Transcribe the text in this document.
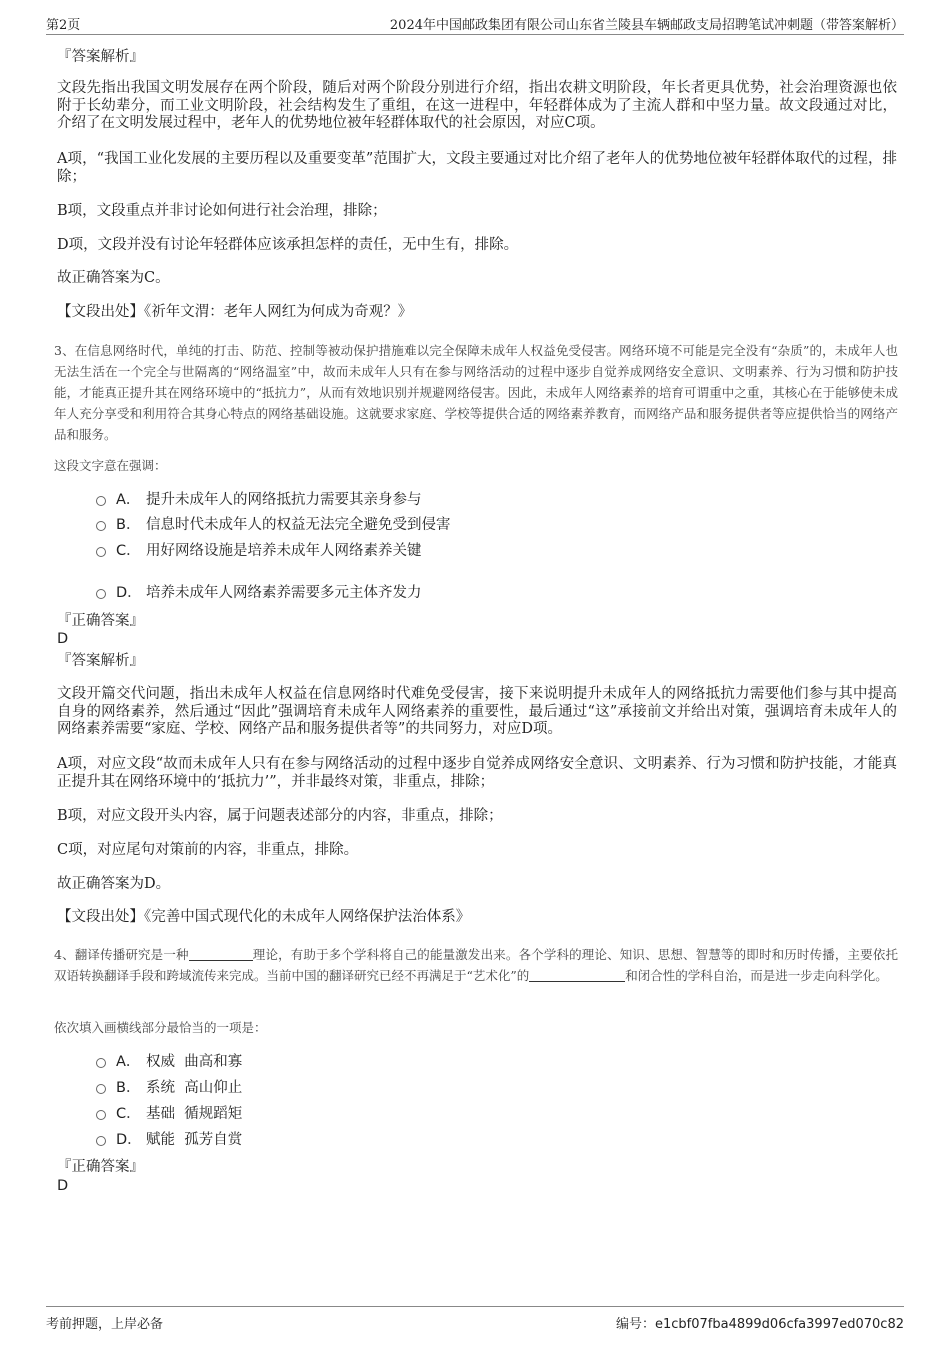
第2页	2024年中国邮政集团有限公司山东省兰陵县车辆邮政支局招聘笔试冲刺题（带答案解析）

『答案解析』

文段先指出我国文明发展存在两个阶段，随后对两个阶段分别进行介绍，指出农耕文明阶段，年长者更具优势，社会治理资源也依附于长幼辈分，而工业文明阶段，社会结构发生了重组，在这一进程中，年轻群体成为了主流人群和中坚力量。故文段通过对比，介绍了在文明发展过程中，老年人的优势地位被年轻群体取代的社会原因，对应C项。

A项，“我国工业化发展的主要历程以及重要变革”范围扩大，文段主要通过对比介绍了老年人的优势地位被年轻群体取代的过程，排除；

B项，文段重点并非讨论如何进行社会治理，排除；

D项，文段并没有讨论年轻群体应该承担怎样的责任，无中生有，排除。

故正确答案为C。

【文段出处】《祈年文渭：老年人网红为何成为奇观？》

3、在信息网络时代，单纯的打击、防范、控制等被动保护措施难以完全保障未成年人权益免受侵害。网络环境不可能是完全没有“杂质”的，未成年人也无法生活在一个完全与世隔离的“网络温室”中，故而未成年人只有在参与网络活动的过程中逐步自觉养成网络安全意识、文明素养、行为习惯和防护技能，才能真正提升其在网络环境中的“抵抗力”，从而有效地识别并规避网络侵害。因此，未成年人网络素养的培育可谓重中之重，其核心在于能够使未成年人充分享受和利用符合其身心特点的网络基础设施。这就要求家庭、学校等提供合适的网络素养教育，而网络产品和服务提供者等应提供恰当的网络产品和服务。

这段文字意在强调：

A． 提升未成年人的网络抵抗力需要其亲身参与
B． 信息时代未成年人的权益无法完全避免受到侵害
C． 用好网络设施是培养未成年人网络素养关键
D． 培养未成年人网络素养需要多元主体齐发力

『正确答案』

D

『答案解析』

文段开篇交代问题，指出未成年人权益在信息网络时代难免受侵害，接下来说明提升未成年人的网络抵抗力需要他们参与其中提高自身的网络素养，然后通过“因此”强调培育未成年人网络素养的重要性，最后通过“这”承接前文并给出对策，强调培育未成年人的网络素养需要“家庭、学校、网络产品和服务提供者等”的共同努力，对应D项。

A项，对应文段“故而未成年人只有在参与网络活动的过程中逐步自觉养成网络安全意识、文明素养、行为习惯和防护技能，才能真正提升其在网络环境中的‘抵抗力’”，并非最终对策，非重点，排除；

B项，对应文段开头内容，属于问题表述部分的内容，非重点，排除；

C项，对应尾句对策前的内容，非重点，排除。

故正确答案为D。

【文段出处】《完善中国式现代化的未成年人网络保护法治体系》

4、翻译传播研究是一种	理论，有助于多个学科将自己的能量激发出来。各个学科的理论、知识、思想、智慧等的即时和历时传播，主要依托双语转换翻译手段和跨域流传来完成。当前中国的翻译研究已经不再满足于“艺术化”的	和闭合性的学科自治，而是进一步走向科学化。

依次填入画横线部分最恰当的一项是：

A． 权威  曲高和寡
B． 系统  高山仰止
C． 基础  循规蹈矩
D． 赋能  孤芳自赏

『正确答案』

D

考前押题，上岸必备	编号：e1cbf07fba4899d06cfa3997ed070c82
